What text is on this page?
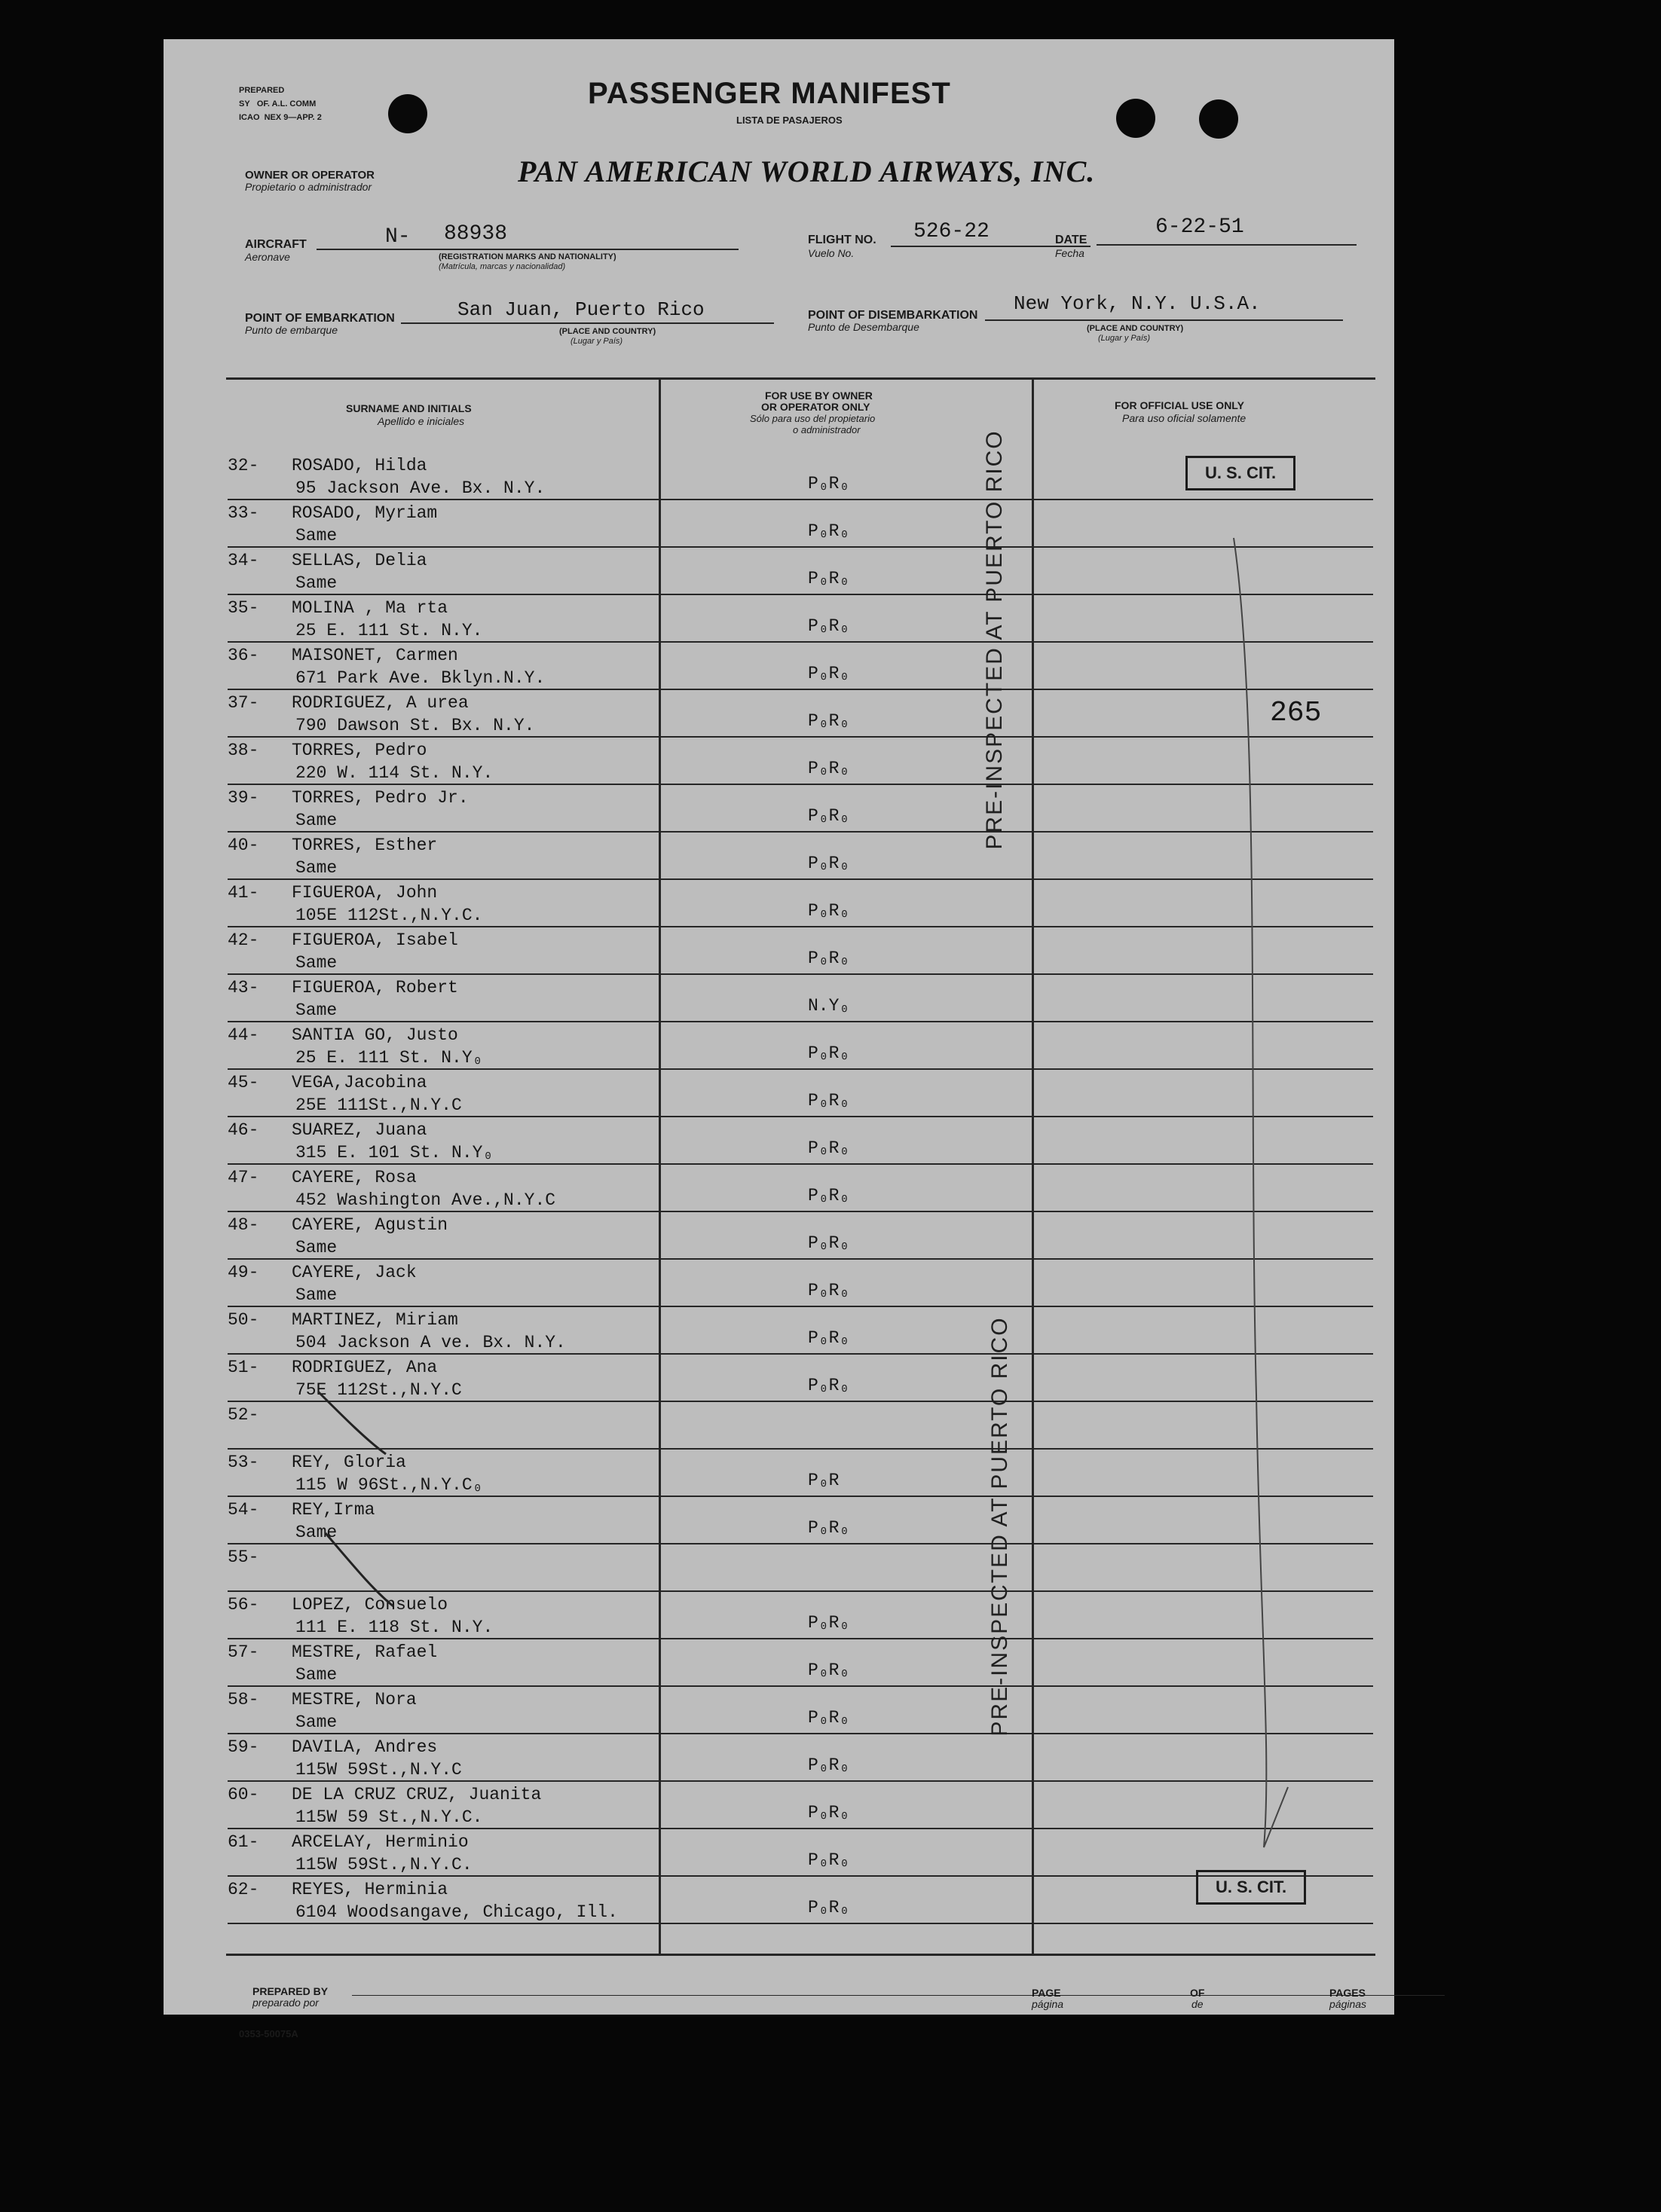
PREPARED
SY   OF. A.L. COMM
ICAO  NEX 9—APP. 2
PASSENGER MANIFEST
LISTA DE PASAJEROS
OWNER OR OPERATOR
Propietario o administrador	PAN AMERICAN WORLD AIRWAYS, INC.
AIRCRAFT
Aeronave
N- 88938
(REGISTRATION MARKS AND NATIONALITY)
(Matrícula, marcas y nacionalidad)
FLIGHT NO.
Vuelo No.
526-22	DATE
Fecha
6-22-51
POINT OF EMBARKATION
Punto de embarque
San Juan, Puerto Rico
(PLACE AND COUNTRY)
(Lugar y País)
POINT OF DISEMBARKATION
Punto de Desembarque
New York, N.Y. U.S.A.
(PLACE AND COUNTRY)
(Lugar y País)
SURNAME AND INITIALS
Apellido e iniciales
FOR USE BY OWNER
OR OPERATOR ONLY
Sólo para uso del propietario
o administrador
FOR OFFICIAL USE ONLY
Para uso oficial solamente
32- ROSADO, Hilda
95 Jackson Ave. Bx. N.Y.	P₀R₀
33- ROSADO, Myriam
Same	P₀R₀
34- SELLAS, Delia
Same	P₀R₀
35- MOLINA , Ma rta
25 E. 111 St. N.Y.	P₀R₀
36- MAISONET, Carmen
671 Park Ave. Bklyn.N.Y.	P₀R₀
37- RODRIGUEZ, A urea
790 Dawson St. Bx. N.Y.	P₀R₀
38- TORRES, Pedro
220 W. 114 St. N.Y.	P₀R₀
39- TORRES, Pedro Jr.
Same	P₀R₀
40- TORRES, Esther
Same	P₀R₀
41- FIGUEROA, John
105E 112St.,N.Y.C.	P₀R₀
42- FIGUEROA, Isabel
Same	P₀R₀
43- FIGUEROA, Robert
Same	N.Y₀
44- SANTIA GO, Justo
25 E. 111 St. N.Y₀	P₀R₀
45- VEGA,Jacobina
25E 111St.,N.Y.C	P₀R₀
46- SUAREZ, Juana
315 E. 101 St. N.Y₀	P₀R₀
47- CAYERE, Rosa
452 Washington Ave.,N.Y.C	P₀R₀
48- CAYERE, Agustin
Same	P₀R₀
49- CAYERE, Jack
Same	P₀R₀
50- MARTINEZ, Miriam
504 Jackson A ve. Bx. N.Y.	P₀R₀
51- RODRIGUEZ, Ana
75E 112St.,N.Y.C	P₀R₀
52-
53- REY, Gloria
115 W 96St.,N.Y.C₀	P₀R
54- REY,Irma
Same	P₀R₀
55-
56- LOPEZ, Consuelo
111 E. 118 St. N.Y.	P₀R₀
57- MESTRE, Rafael
Same	P₀R₀
58- MESTRE, Nora
Same	P₀R₀
59- DAVILA, Andres
115W 59St.,N.Y.C	P₀R₀
60- DE LA CRUZ CRUZ, Juanita
115W 59 St.,N.Y.C.	P₀R₀
61- ARCELAY, Herminio
115W 59St.,N.Y.C.	P₀R₀
62- REYES, Herminia
6104 Woodsangave, Chicago, Ill.	P₀R₀
PRE-INSPECTED AT PUERTO RICO
PRE-INSPECTED AT PUERTO RICO
U. S. CIT.
U. S. CIT.
265
PREPARED BY
preparado por
PAGE
página
OF
de
PAGES
páginas
0353-50075A
